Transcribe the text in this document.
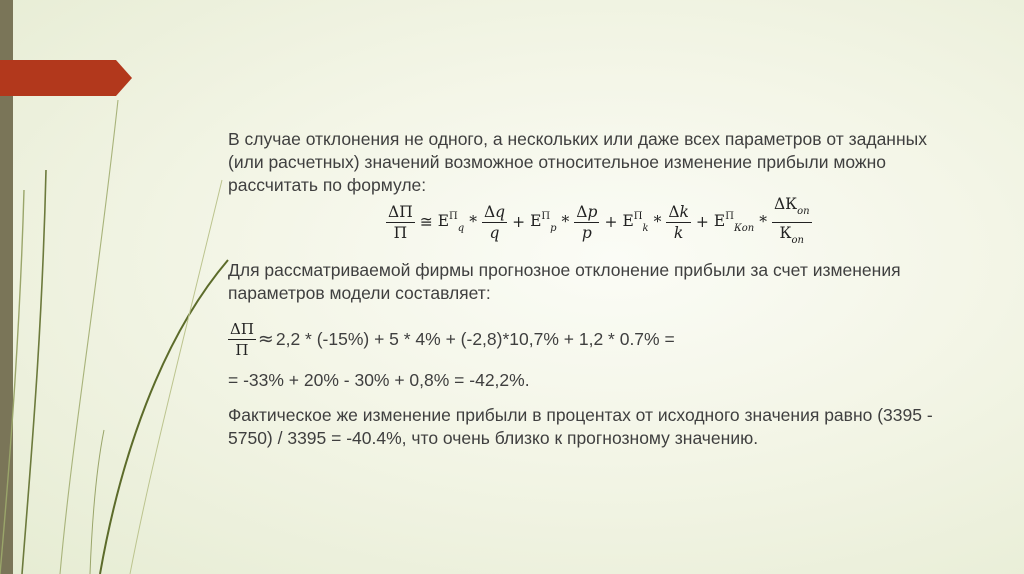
В случае отклонения не одного, а нескольких или даже всех параметров от заданных (или расчетных) значений возможное относительное изменение прибыли можно рассчитать по формуле:

$\frac{\Delta П}{П}$ ≅ $Е^П_q * \frac{\Delta q}{q} + Е^П_p * \frac{\Delta p}{p} + Е^П_k * \frac{\Delta k}{k} + Е^П_{Коп} * \frac{\Delta К_{оп}}{К_{оп}}$

Для рассматриваемой фирмы прогнозное отклонение прибыли за счет изменения параметров модели составляет:

$\frac{\Delta П}{П} \approx 2,2 * (-15\%) + 5 * 4\% + (-2,8)*10,7\% + 1,2 * 0.7\%$ =

= -33% + 20% - 30% + 0,8% = -42,2%.

Фактическое же изменение прибыли в процентах от исходного значения равно (3395 - 5750) / 3395 = -40.4%, что очень близко к прогнозному значению.
